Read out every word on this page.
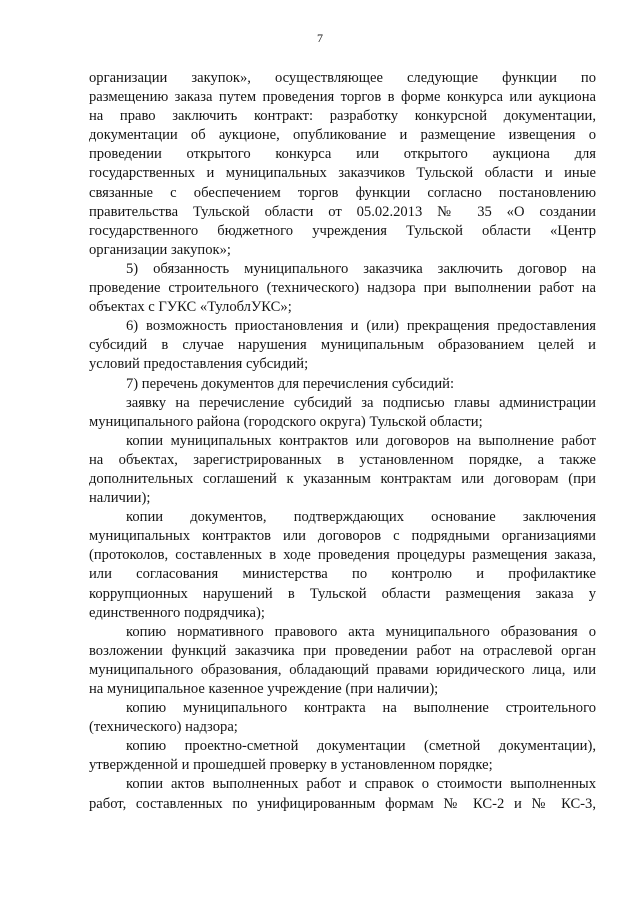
7
организации закупок», осуществляющее следующие функции по
размещению заказа путем проведения торгов в форме конкурса или аукциона
на право заключить контракт: разработку конкурсной документации,
документации об аукционе, опубликование и размещение извещения о
проведении открытого конкурса или открытого аукциона для
государственных и муниципальных заказчиков Тульской области и иные
связанные с обеспечением торгов функции согласно постановлению
правительства Тульской области от 05.02.2013 № 35 «О создании
государственного бюджетного учреждения Тульской области «Центр
организации закупок»;
5) обязанность муниципального заказчика заключить договор на
проведение строительного (технического) надзора при выполнении работ на
объектах с ГУКС «ТулоблУКС»;
6) возможность приостановления и (или) прекращения предоставления
субсидий в случае нарушения муниципальным образованием целей и
условий предоставления субсидий;
7) перечень документов для перечисления субсидий:
заявку на перечисление субсидий за подписью главы администрации
муниципального района (городского округа) Тульской области;
копии муниципальных контрактов или договоров на выполнение работ
на объектах, зарегистрированных в установленном порядке, а также
дополнительных соглашений к указанным контрактам или договорам (при
наличии);
копии документов, подтверждающих основание заключения
муниципальных контрактов или договоров с подрядными организациями
(протоколов, составленных в ходе проведения процедуры размещения заказа,
или согласования министерства по контролю и профилактике
коррупционных нарушений в Тульской области размещения заказа у
единственного подрядчика);
копию нормативного правового акта муниципального образования о
возложении функций заказчика при проведении работ на отраслевой орган
муниципального образования, обладающий правами юридического лица, или
на муниципальное казенное учреждение (при наличии);
копию муниципального контракта на выполнение строительного
(технического) надзора;
копию проектно-сметной документации (сметной документации),
утвержденной и прошедшей проверку в установленном порядке;
копии актов выполненных работ и справок о стоимости выполненных
работ, составленных по унифицированным формам № КС-2 и № КС-3,
